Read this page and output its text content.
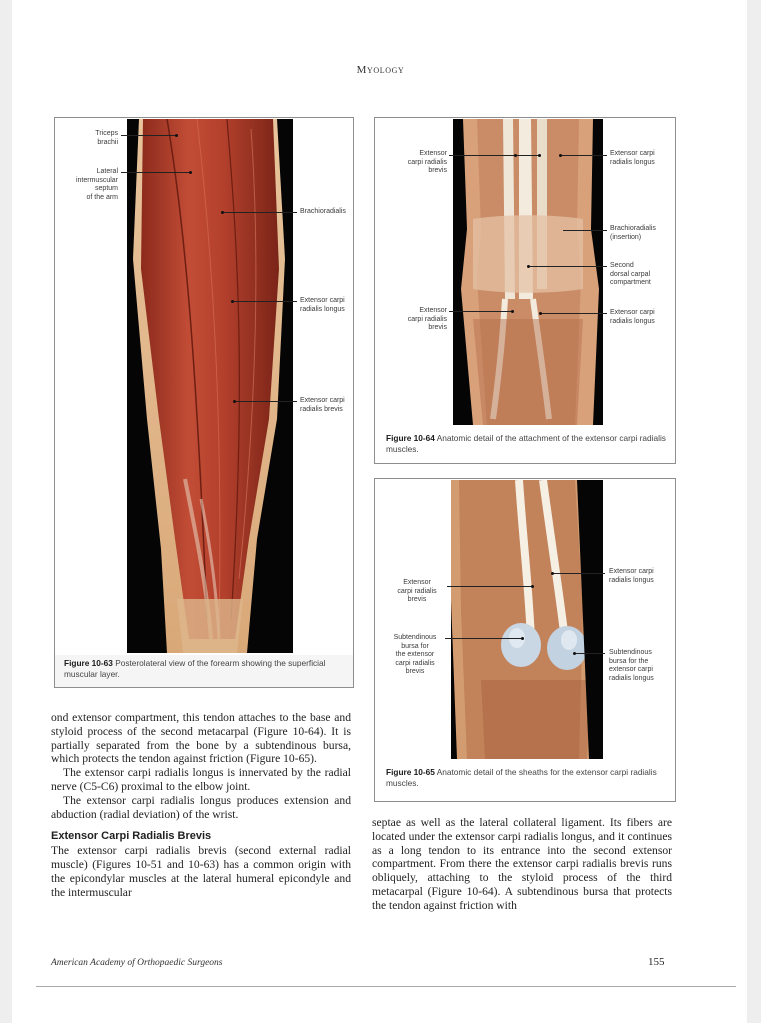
Myology
Triceps
brachii
Lateral
intermuscular
septum
of the arm
Brachioradialis
Extensor carpi
radialis longus
Extensor carpi
radialis brevis
Figure 10-63 Posterolateral view of the forearm showing the superficial muscular layer.
Extensor
carpi radialis
brevis
Extensor carpi
radialis longus
Brachioradialis
(insertion)
Second
dorsal carpal
compartment
Extensor
carpi radialis
brevis
Extensor carpi
radialis longus
Figure 10-64 Anatomic detail of the attachment of the extensor carpi radialis muscles.
Extensor carpi
radialis longus
Extensor
carpi radialis
brevis
Subtendinous
bursa for
the extensor
carpi radialis
brevis
Subtendinous
bursa for the
extensor carpi
radialis longus
Figure 10-65 Anatomic detail of the sheaths for the extensor carpi radialis muscles.

ond extensor compartment, this tendon attaches to the base and styloid process of the second metacarpal (Figure 10-64). It is partially separated from the bone by a subtendinous bursa, which protects the tendon against friction (Figure 10-65).

The extensor carpi radialis longus is innervated by the radial nerve (C5-C6) proximal to the elbow joint.

The extensor carpi radialis longus produces extension and abduction (radial deviation) of the wrist.

Extensor Carpi Radialis Brevis

The extensor carpi radialis brevis (second external radial muscle) (Figures 10-51 and 10-63) has a common origin with the epicondylar muscles at the lateral humeral epicondyle and the intermuscular

septae as well as the lateral collateral ligament. Its fibers are located under the extensor carpi radialis longus, and it continues as a long tendon to its entrance into the second extensor compartment. From there the extensor carpi radialis brevis runs obliquely, attaching to the styloid process of the third metacarpal (Figure 10-64). A subtendinous bursa that protects the tendon against friction with

American Academy of Orthopaedic Surgeons	155
